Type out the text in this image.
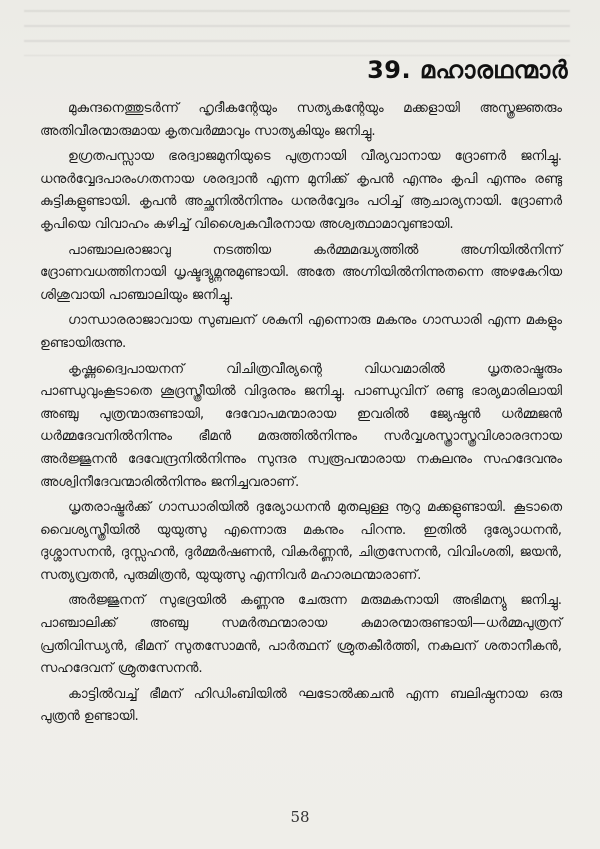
39. മഹാരഥന്മാർ

മുകുന്ദനെത്തുടർന്ന് ഹൃദീകന്റേയും സത്യകന്റേയും മക്കളായി അസ്ത്രജ്ഞരും അതിവീരന്മാരുമായ കൃതവർമ്മാവും സാത്യകിയും ജനിച്ചു.

ഉഗ്രതപസ്സായ ഭരദ്വാജമുനിയുടെ പുത്രനായി വീര്യവാനായ ദ്രോണർ ജനിച്ചു. ധനുർവ്വേദപാരംഗതനായ ശരദ്വാൻ എന്ന മുനിക്ക് കൃപൻ എന്നും കൃപി എന്നും രണ്ടു കുട്ടികളുണ്ടായി. കൃപൻ അച്ഛനിൽനിന്നും ധനുർവ്വേദം പഠിച്ച് ആചാര്യനായി. ദ്രോണർ കൃപിയെ വിവാഹം കഴിച്ച് വിശ്വൈകവീരനായ അശ്വത്ഥാമാവുണ്ടായി.

പാഞ്ചാലരാജാവു നടത്തിയ കർമ്മമദ്ധ്യത്തിൽ അഗ്നിയിൽനിന്ന് ദ്രോണവധത്തിനായി ധൃഷ്ടദ്യുമ്നനുമുണ്ടായി. അതേ അഗ്നിയിൽനിന്നുതന്നെ അഴകേറിയ ശിശുവായി പാഞ്ചാലിയും ജനിച്ചു.

ഗാന്ധാരരാജാവായ സുബലന് ശകുനി എന്നൊരു മകനും ഗാന്ധാരി എന്ന മകളും ഉണ്ടായിരുന്നു.

കൃഷ്ണദ്വൈപായനന് വിചിത്രവീര്യന്റെ വിധവമാരിൽ ധൃതരാഷ്ട്രരും പാണ്ഡുവുംകൂടാതെ ശൂദ്രസ്ത്രീയിൽ വിദുരനും ജനിച്ചു. പാണ്ഡുവിന് രണ്ടു ഭാര്യമാരിലായി അഞ്ചു പുത്രന്മാരുണ്ടായി, ദേവോപമന്മാരായ ഇവരിൽ ജ്യേഷ്ഠൻ ധർമ്മജൻ ധർമ്മദേവനിൽനിന്നും ഭീമൻ മരുത്തിൽനിന്നും സർവ്വശസ്ത്രാസ്ത്രവിശാരദനായ അർജ്ജുനൻ ദേവേന്ദ്രനിൽനിന്നും സുന്ദര സ്വരൂപന്മാരായ നകുലനും സഹദേവനും അശ്വിനീദേവന്മാരിൽനിന്നും ജനിച്ചവരാണ്.

ധൃതരാഷ്ട്രർക്ക് ഗാന്ധാരിയിൽ ദുര്യോധനൻ മുതലുള്ള നൂറു മക്കളുണ്ടായി. കൂടാതെ വൈശ്യസ്ത്രീയിൽ യുയുത്സു എന്നൊരു മകനും പിറന്നു. ഇതിൽ ദുര്യോധനൻ, ദുശ്ശാസനൻ, ദുസ്സഹൻ, ദുർമ്മർഷണൻ, വികർണ്ണൻ, ചിത്രസേനൻ, വിവിംശതി, ജയൻ, സത്യവ്രതൻ, പുരുമിത്രൻ, യുയുത്സു എന്നിവർ മഹാരഥന്മാരാണ്.

അർജ്ജുനന് സുഭദ്രയിൽ കണ്ണനു ചേരുന്ന മരുമകനായി അഭിമന്യു ജനിച്ചു. പാഞ്ചാലിക്ക് അഞ്ചു സമർത്ഥന്മാരായ കുമാരന്മാരുണ്ടായി—ധർമ്മപുത്രന് പ്രതിവിന്ധ്യൻ, ഭീമന് സുതസോമൻ, പാർത്ഥന് ശ്രുതകീർത്തി, നകുലന് ശതാനീകൻ, സഹദേവന് ശ്രുതസേനൻ.

കാട്ടിൽവച്ച് ഭീമന് ഹിഡിംബിയിൽ ഘടോൽക്കചൻ എന്ന ബലിഷ്ഠനായ ഒരു പുത്രൻ ഉണ്ടായി.

58
